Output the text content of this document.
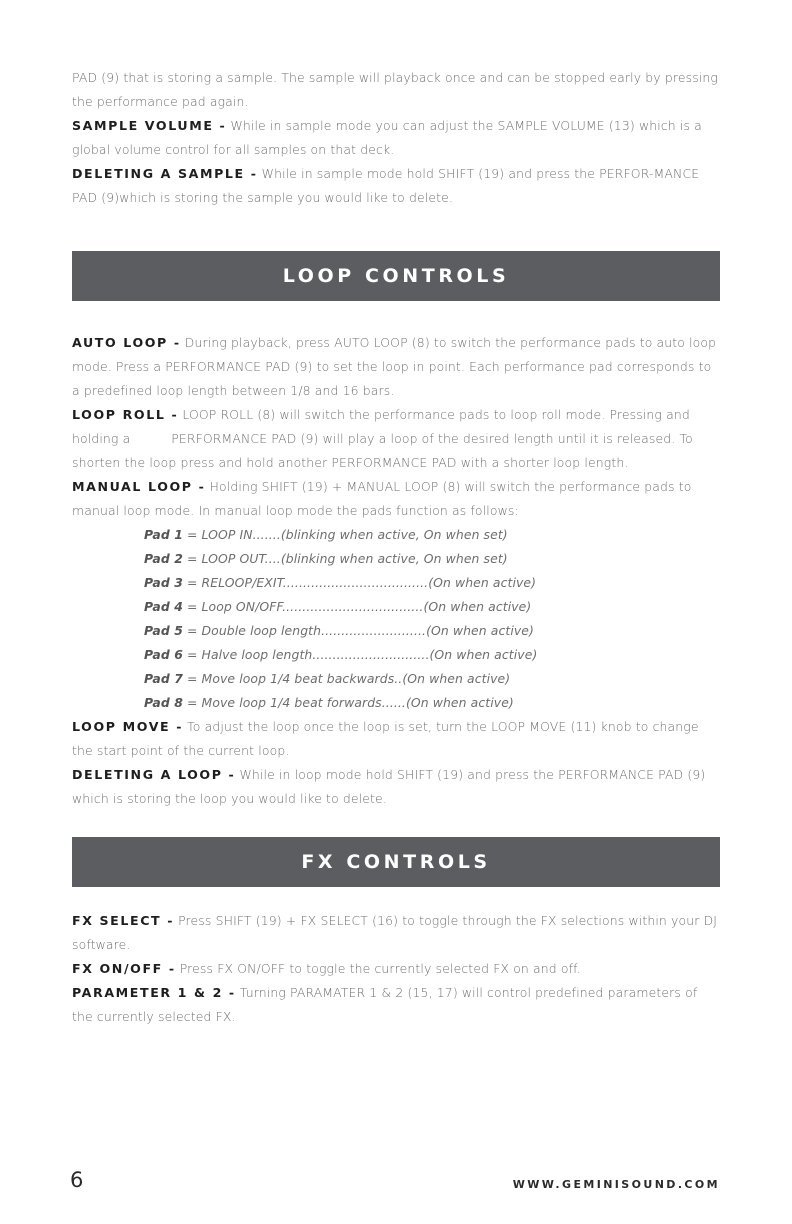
PAD (9) that is storing a sample. The sample will playback once and can be stopped early by pressing the performance pad again.

SAMPLE VOLUME - While in sample mode you can adjust the SAMPLE VOLUME (13) which is a global volume control for all samples on that deck.

DELETING A SAMPLE - While in sample mode hold SHIFT (19) and press the PERFOR-MANCE PAD (9)which is storing the sample you would like to delete.

LOOP CONTROLS

AUTO LOOP - During playback, press AUTO LOOP (8) to switch the performance pads to auto loop mode. Press a PERFORMANCE PAD (9) to set the loop in point. Each performance pad corresponds to a predefined loop length between 1/8 and 16 bars.

LOOP ROLL - LOOP ROLL (8) will switch the performance pads to loop roll mode. Pressing and holding a          PERFORMANCE PAD (9) will play a loop of the desired length until it is released. To shorten the loop press and hold another PERFORMANCE PAD with a shorter loop length.

MANUAL LOOP - Holding SHIFT (19) + MANUAL LOOP (8) will switch the performance pads to manual loop mode. In manual loop mode the pads function as follows:

Pad 1 = LOOP IN.......(blinking when active, On when set)
Pad 2 = LOOP OUT....(blinking when active, On when set)
Pad 3 = RELOOP/EXIT....................................(On when active)
Pad 4 = Loop ON/OFF...................................(On when active)
Pad 5 = Double loop length..........................(On when active)
Pad 6 = Halve loop length.............................(On when active)
Pad 7 = Move loop 1/4 beat backwards..(On when active)
Pad 8 = Move loop 1/4 beat forwards......(On when active)

LOOP MOVE - To adjust the loop once the loop is set, turn the LOOP MOVE (11) knob to change the start point of the current loop.

DELETING A LOOP - While in loop mode hold SHIFT (19) and press the PERFORMANCE PAD (9) which is storing the loop you would like to delete.

FX CONTROLS

FX SELECT - Press SHIFT (19) + FX SELECT (16) to toggle through the FX selections within your DJ software.

FX ON/OFF - Press FX ON/OFF to toggle the currently selected FX on and off.

PARAMETER 1 & 2 - Turning PARAMATER 1 & 2 (15, 17) will control predefined parameters of the currently selected FX.

6	WWW.GEMINISOUND.COM
